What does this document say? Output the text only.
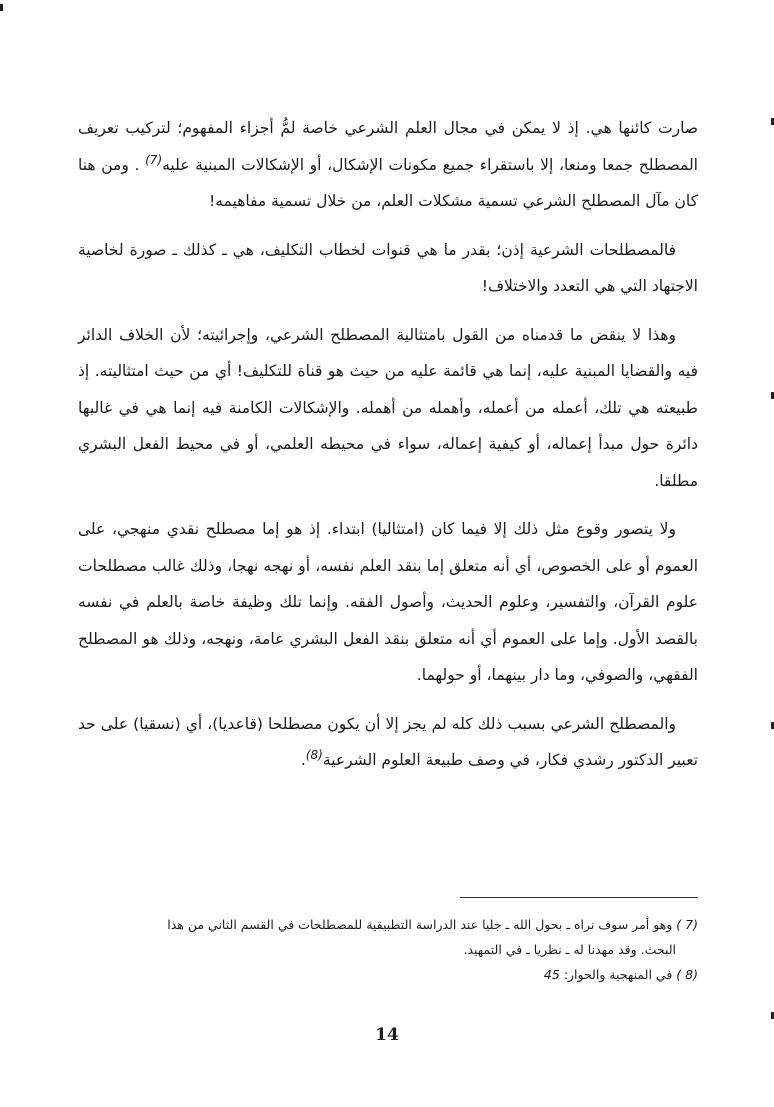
صارت كائنها هي. إذ لا يمكن في مجال العلم الشرعي خاصة لمُّ أجزاء المفهوم؛ لتركيب تعريف المصطلح جمعا ومنعا، إلا باستقراء جميع مكونات الإشكال، أو الإشكالات المبنية عليه$^{(7)}$ . ومن هنا كان مآل المصطلح الشرعي تسمية مشكلات العلم، من خلال تسمية مفاهيمه!

فالمصطلحات الشرعية إذن؛ بقدر ما هي قنوات لخطاب التكليف، هي ـ كذلك ـ صورة لخاصية الاجتهاد التي هي التعدد والاختلاف!

وهذا لا ينقض ما قدمناه من القول بامتثالية المصطلح الشرعي، وإجرائيته؛ لأن الخلاف الدائر فيه والقضايا المبنية عليه، إنما هي قائمة عليه من حيث هو قناة للتكليف! أي من حيث امتثاليته. إذ طبيعته هي تلك، أعمله من أعمله، وأهمله من أهمله. والإشكالات الكامنة فيه إنما هي في غالبها دائرة حول مبدأ إعماله، أو كيفية إعماله، سواء في محيطه العلمي، أو في محيط الفعل البشري مطلقا.

ولا يتصور وقوع مثل ذلك إلا فيما كان (امتثاليا) ابتداء. إذ هو إما مصطلح نقدي منهجي، على العموم أو على الخصوص، أي أنه متعلق إما بنقد العلم نفسه، أو نهجه نهجا، وذلك غالب مصطلحات علوم القرآن، والتفسير، وعلوم الحديث، وأصول الفقه. وإنما تلك وظيفة خاصة بالعلم في نفسه بالقصد الأول. وإما على العموم أي أنه متعلق بنقد الفعل البشري عامة، ونهجه، وذلك هو المصطلح الفقهي، والصوفي، وما دار بينهما، أو حولهما.

والمصطلح الشرعي بسبب ذلك كله لم يجز إلا أن يكون مصطلحا (قاعديا)، أي (نسقيا) على حد تعبير الدكتور رشدي فكار، في وصف طبيعة العلوم الشرعية$^{(8)}$.

(7 ) وهو أمر سوف نراه ـ بحول الله ـ جليا عند الدراسة التطبيقية للمصطلحات في القسم الثاني من هذا
البحث. وقد مهدنا له ـ نظريا ـ في التمهيد.

(8 ) في المنهجية والحوار: 45

14
